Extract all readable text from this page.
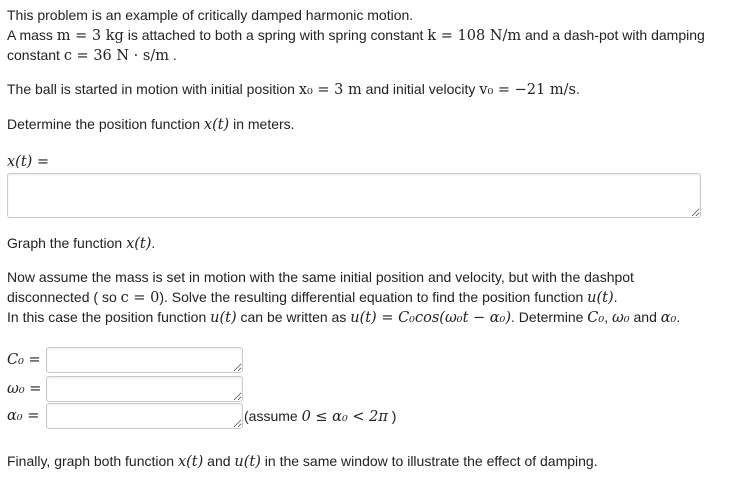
This problem is an example of critically damped harmonic motion.
A mass m = 3 kg is attached to both a spring with spring constant k = 108 N/m and a dash-pot with damping
constant c = 36 N · s/m .
The ball is started in motion with initial position x₀ = 3 m and initial velocity v₀ = −21 m/s.
Determine the position function x(t) in meters.
x(t) =
Graph the function x(t).
Now assume the mass is set in motion with the same initial position and velocity, but with the dashpot
disconnected ( so c = 0). Solve the resulting differential equation to find the position function u(t).
In this case the position function u(t) can be written as u(t) = C₀cos(ω₀t − α₀). Determine C₀, ω₀ and α₀.
C₀ =
ω₀ =
α₀ =	(assume 0 ≤ α₀ < 2π )
Finally, graph both function x(t) and u(t) in the same window to illustrate the effect of damping.
